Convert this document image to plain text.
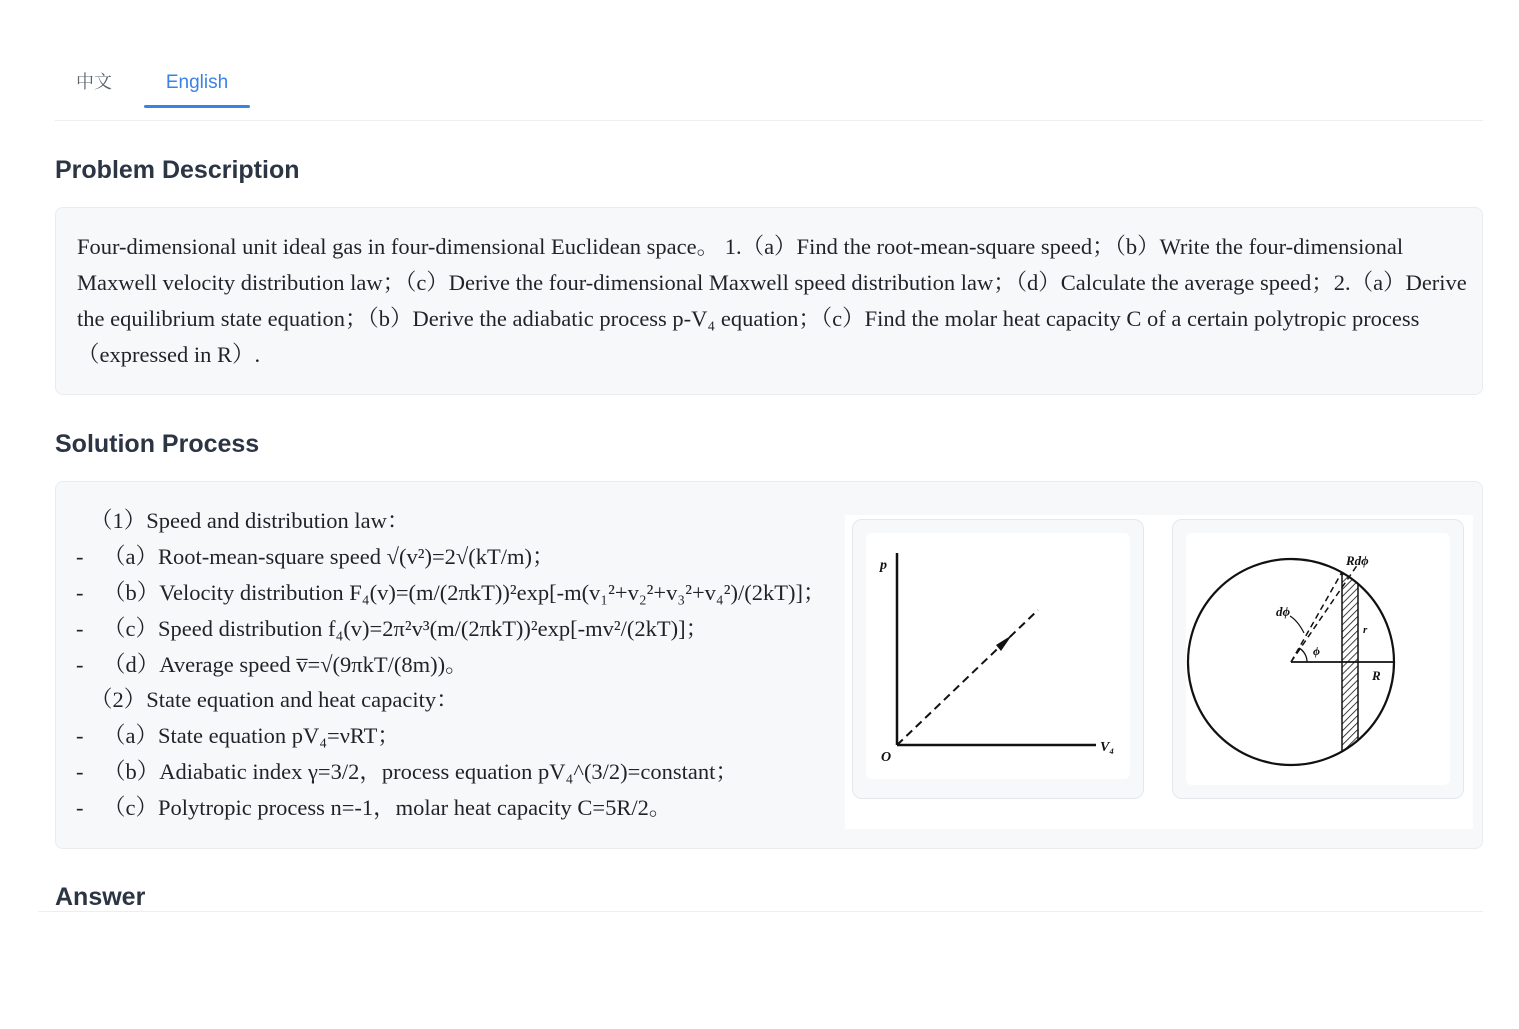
中文	English
Problem Description

Four-dimensional unit ideal gas in four-dimensional Euclidean space。 1.（a）Find the root-mean-square speed；（b）Write the four-dimensional Maxwell velocity distribution law；（c）Derive the four-dimensional Maxwell speed distribution law；（d）Calculate the average speed；2.（a）Derive the equilibrium state equation；（b）Derive the adiabatic process p-V₄ equation；（c）Find the molar heat capacity C of a certain polytropic process（expressed in R）.

Solution Process
（1）Speed and distribution law：
- （a）Root-mean-square speed √(v²)=2√(kT/m)；
- （b）Velocity distribution F₄(v)=(m/(2πkT))²exp[-m(v₁²+v₂²+v₃²+v₄²)/(2kT)]；
- （c）Speed distribution f₄(v)=2π²v³(m/(2πkT))²exp[-mv²/(2kT)]；
- （d）Average speed v̅=√(9πkT/(8m))。
（2）State equation and heat capacity：
- （a）State equation pV₄=νRT；
- （b）Adiabatic index γ=3/2，process equation pV₄^(3/2)=constant；
- （c）Polytropic process n=-1，molar heat capacity C=5R/2。
p
V₄
O
Rdϕ
dϕ
ϕ
r
R
Answer
